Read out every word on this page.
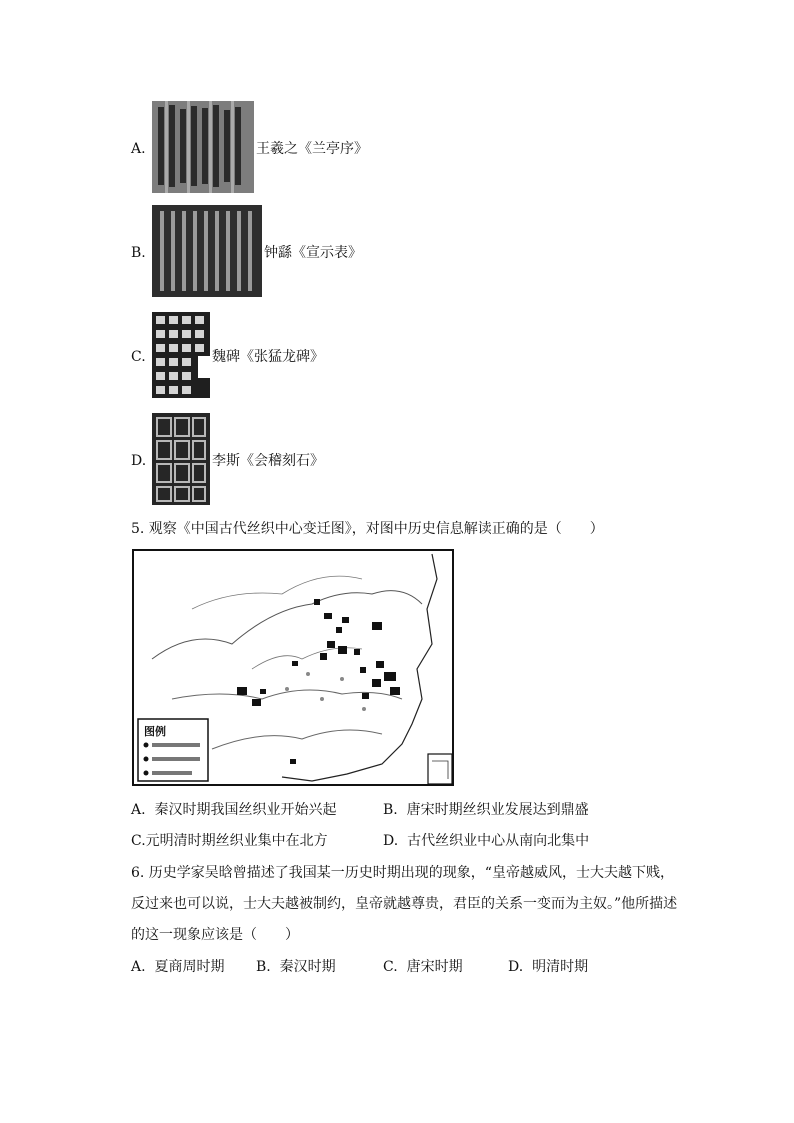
A.	王羲之《兰亭序》
B.	钟繇《宣示表》
C.	魏碑《张猛龙碑》
D.	李斯《会稽刻石》
5. 观察《中国古代丝织中心变迁图》，对图中历史信息解读正确的是（　　）
图例
A. 秦汉时期我国丝织业开始兴起	B. 唐宋时期丝织业发展达到鼎盛
C.元明清时期丝织业集中在北方	D. 古代丝织业中心从南向北集中
6. 历史学家吴晗曾描述了我国某一历史时期出现的现象，“皇帝越威风，士大夫越下贱，
反过来也可以说，士大夫越被制约，皇帝就越尊贵，君臣的关系一变而为主奴。”他所描述
的这一现象应该是（　　）
A. 夏商周时期 B. 秦汉时期	C. 唐宋时期	D. 明清时期
